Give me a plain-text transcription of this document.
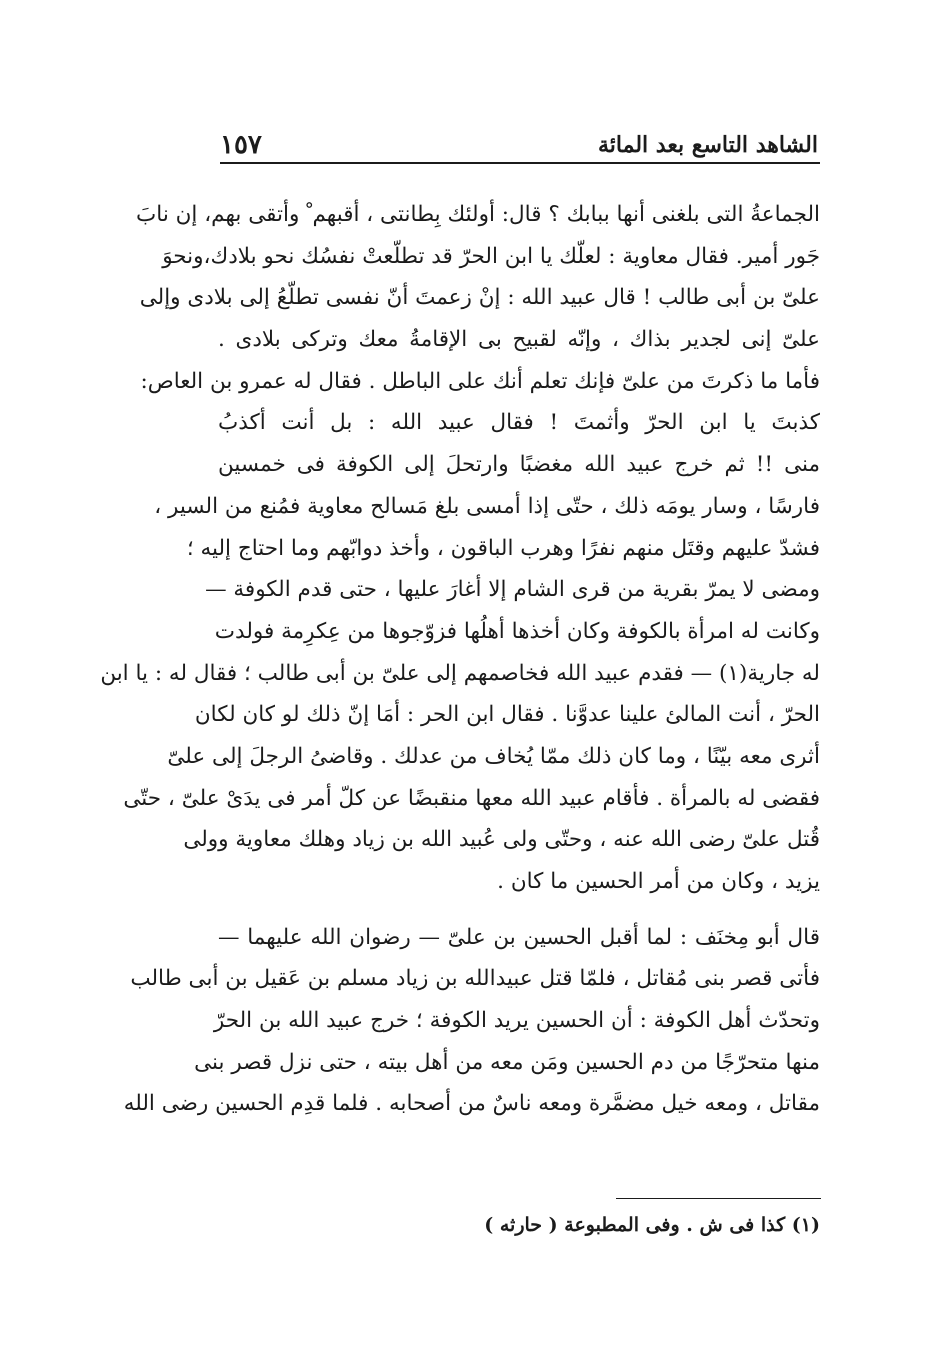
الشاهد التاسع بعد المائة
١٥٧
الجماعةُ التى بلغنى أنها ببابك ؟ قال: أولئك بِطانتى ، أقبهم ْ وأتقى بهم، إن نابَ
جَور أمير. فقال معاوية : لعلّك يا ابن الحرّ قد تطلّعتْ نفسُك نحو بلادك،ونحوَ
علىّ بن أبى طالب ! قال عبيد الله : إنْ زعمتَ أنّ نفسى تطلّعُ إلى بلادى وإلى
علىّ إنى لجدير بذاك ، وإنّه لقبيح بى الإقامةُ معك وتركى بلادى .
فأما ما ذكرتَ من علىّ فإنك تعلم أنك على الباطل . فقال له عمرو بن العاص:
كذبتَ يا ابن الحرّ وأثمتَ ! فقال عبيد الله : بل أنت أكذبُ
منى !! ثم خرج عبيد الله مغضبًا وارتحلَ إلى الكوفة فى خمسين
فارسًا ، وسار يومَه ذلك ، حتّى إذا أمسى بلغ مَسالح معاوية فمُنع من السير ،
فشدّ عليهم وقتَل منهم نفرًا وهرب الباقون ، وأخذ دوابّهم وما احتاج إليه ؛
ومضى لا يمرّ بقرية من قرى الشام إلا أغارَ عليها ، حتى قدم الكوفة —
وكانت له امرأة بالكوفة وكان أخذها أهلُها فزوّجوها من عِكرِمة فولدت
له جارية(١) — فقدم عبيد الله فخاصمهم إلى علىّ بن أبى طالب ؛ فقال له : يا ابن
الحرّ ، أنت المالئ علينا عدوَّنا . فقال ابن الحر : أمَا إنّ ذلك لو كان لكان
أثرى معه بيّنًا ، وما كان ذلك ممّا يُخاف من عدلك . وقاضىُ الرجلَ إلى علىّ
فقضى له بالمرأة . فأقام عبيد الله معها منقبضًا عن كلّ أمر فى يدَىْ علىّ ، حتّى
قُتل علىّ رضى الله عنه ، وحتّى ولى عُبيد الله بن زياد وهلك معاوية وولى
يزيد ، وكان من أمر الحسين ما كان .
قال أبو مِخنَف : لما أقبل الحسين بن علىّ — رضوان الله عليهما —
فأتى قصر بنى مُقاتل ، فلمّا قتل عبيدالله بن زياد مسلم بن عَقيل بن أبى طالب
وتحدّث أهل الكوفة : أن الحسين يريد الكوفة ؛ خرج عبيد الله بن الحرّ
منها متحرّجًا من دم الحسين ومَن معه من أهل بيته ، حتى نزل قصر بنى
مقاتل ، ومعه خيل مضمَّرة ومعه ناسٌ من أصحابه . فلما قدِم الحسين رضى الله
(١) كذا فى ش . وفى المطبوعة ( حارثه )
